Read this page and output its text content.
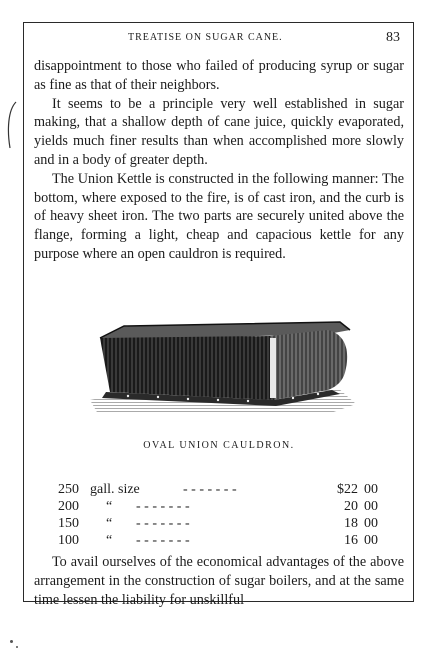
TREATISE ON SUGAR CANE.	83

disappointment to those who failed of producing syrup or sugar as fine as that of their neighbors.

It seems to be a principle very well established in sugar making, that a shallow depth of cane juice, quickly evaporated, yields much finer results than when accomplished more slowly and in a body of greater depth.

The Union Kettle is constructed in the following manner: The bottom, where exposed to the fire, is of cast iron, and the curb is of heavy sheet iron. The two parts are securely united above the flange, forming a light, cheap and capacious kettle for any purpose where an open cauldron is required.

OVAL UNION CAULDRON.
250 gall. size	- - - - - - -	$22 00
200 “ - - - - - - -	20 00
150 “ - - - - - - -	18 00
100 “ - - - - - - -	16 00

To avail ourselves of the economical advantages of the above arrangement in the construction of sugar boilers, and at the same time lessen the liability for unskillful
